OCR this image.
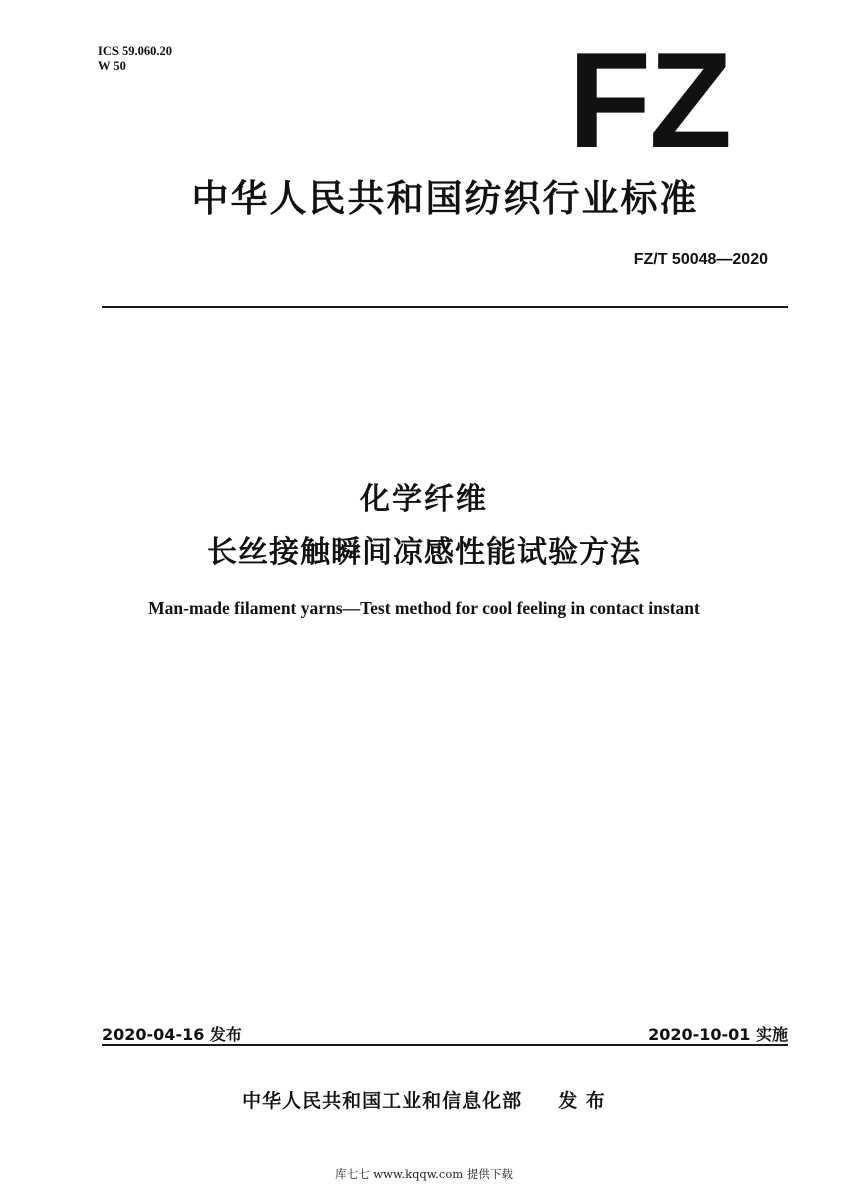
ICS 59.060.20
W 50	FZ
中华人民共和国纺织行业标准
FZ/T 50048—2020
化学纤维
长丝接触瞬间凉感性能试验方法
Man-made filament yarns—Test method for cool feeling in contact instant
2020-04-16 发布	2020-10-01 实施
中华人民共和国工业和信息化部 发 布
库七七 www.kqqw.com 提供下载
